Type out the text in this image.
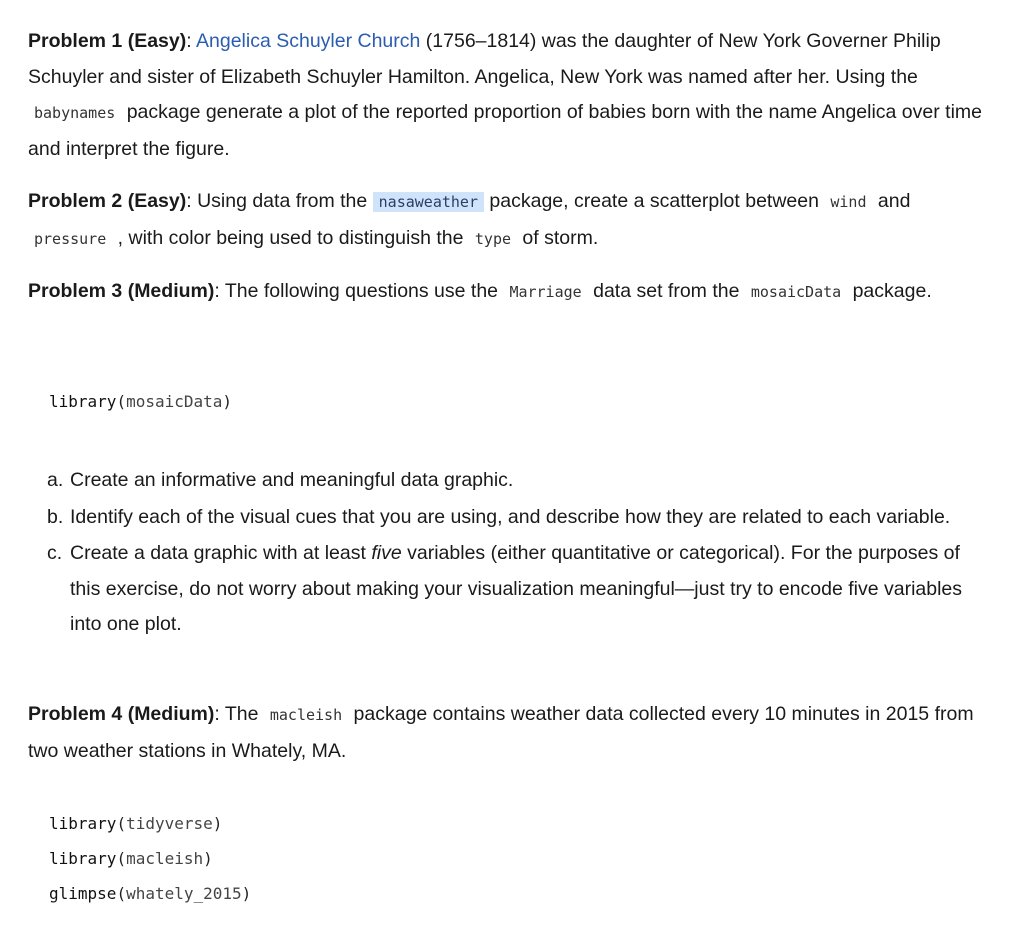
Problem 1 (Easy): Angelica Schuyler Church (1756–1814) was the daughter of New York Governer Philip Schuyler and sister of Elizabeth Schuyler Hamilton. Angelica, New York was named after her. Using the babynames package generate a plot of the reported proportion of babies born with the name Angelica over time and interpret the figure.

Problem 2 (Easy): Using data from the nasaweather package, create a scatterplot between wind and pressure , with color being used to distinguish the type of storm.

Problem 3 (Medium): The following questions use the Marriage data set from the mosaicData package.

library(mosaicData)
a. Create an informative and meaningful data graphic.
b. Identify each of the visual cues that you are using, and describe how they are related to each variable.
c. Create a data graphic with at least five variables (either quantitative or categorical). For the purposes of this exercise, do not worry about making your visualization meaningful—just try to encode five variables into one plot.

Problem 4 (Medium): The macleish package contains weather data collected every 10 minutes in 2015 from two weather stations in Whately, MA.

library(tidyverse)
library(macleish)
glimpse(whately_2015)
